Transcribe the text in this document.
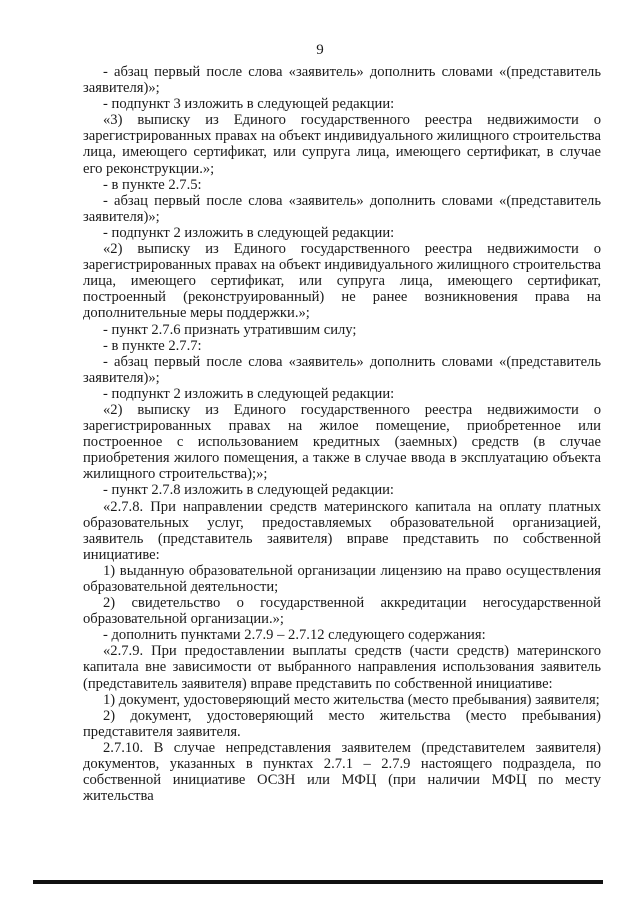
9

- абзац первый после слова «заявитель» дополнить словами «(представитель заявителя)»;

- подпункт 3 изложить в следующей редакции:

«3) выписку из Единого государственного реестра недвижимости о зарегистрированных правах на объект индивидуального жилищного строительства лица, имеющего сертификат, или супруга лица, имеющего сертификат, в случае его реконструкции.»;

- в пункте 2.7.5:

- абзац первый после слова «заявитель» дополнить словами «(представитель заявителя)»;

- подпункт 2 изложить в следующей редакции:

«2) выписку из Единого государственного реестра недвижимости о зарегистрированных правах на объект индивидуального жилищного строительства лица, имеющего сертификат, или супруга лица, имеющего сертификат, построенный (реконструированный) не ранее возникновения права на дополнительные меры поддержки.»;

- пункт 2.7.6 признать утратившим силу;

- в пункте 2.7.7:

- абзац первый после слова «заявитель» дополнить словами «(представитель заявителя)»;

- подпункт 2 изложить в следующей редакции:

«2) выписку из Единого государственного реестра недвижимости о зарегистрированных правах на жилое помещение, приобретенное или построенное с использованием кредитных (заемных) средств (в случае приобретения жилого помещения, а также в случае ввода в эксплуатацию объекта жилищного строительства);»;

- пункт 2.7.8 изложить в следующей редакции:

«2.7.8. При направлении средств материнского капитала на оплату платных образовательных услуг, предоставляемых образовательной организацией, заявитель (представитель заявителя) вправе представить по собственной инициативе:

1) выданную образовательной организации лицензию на право осуществления образовательной деятельности;

2) свидетельство о государственной аккредитации негосударственной образовательной организации.»;

- дополнить пунктами 2.7.9 – 2.7.12 следующего содержания:

«2.7.9. При предоставлении выплаты средств (части средств) материнского капитала вне зависимости от выбранного направления использования заявитель (представитель заявителя) вправе представить по собственной инициативе:

1) документ, удостоверяющий место жительства (место пребывания) заявителя;

2) документ, удостоверяющий место жительства (место пребывания) представителя заявителя.

2.7.10. В случае непредставления заявителем (представителем заявителя) документов, указанных в пунктах 2.7.1 – 2.7.9 настоящего подраздела, по собственной инициативе ОСЗН или МФЦ (при наличии МФЦ по месту жительства
